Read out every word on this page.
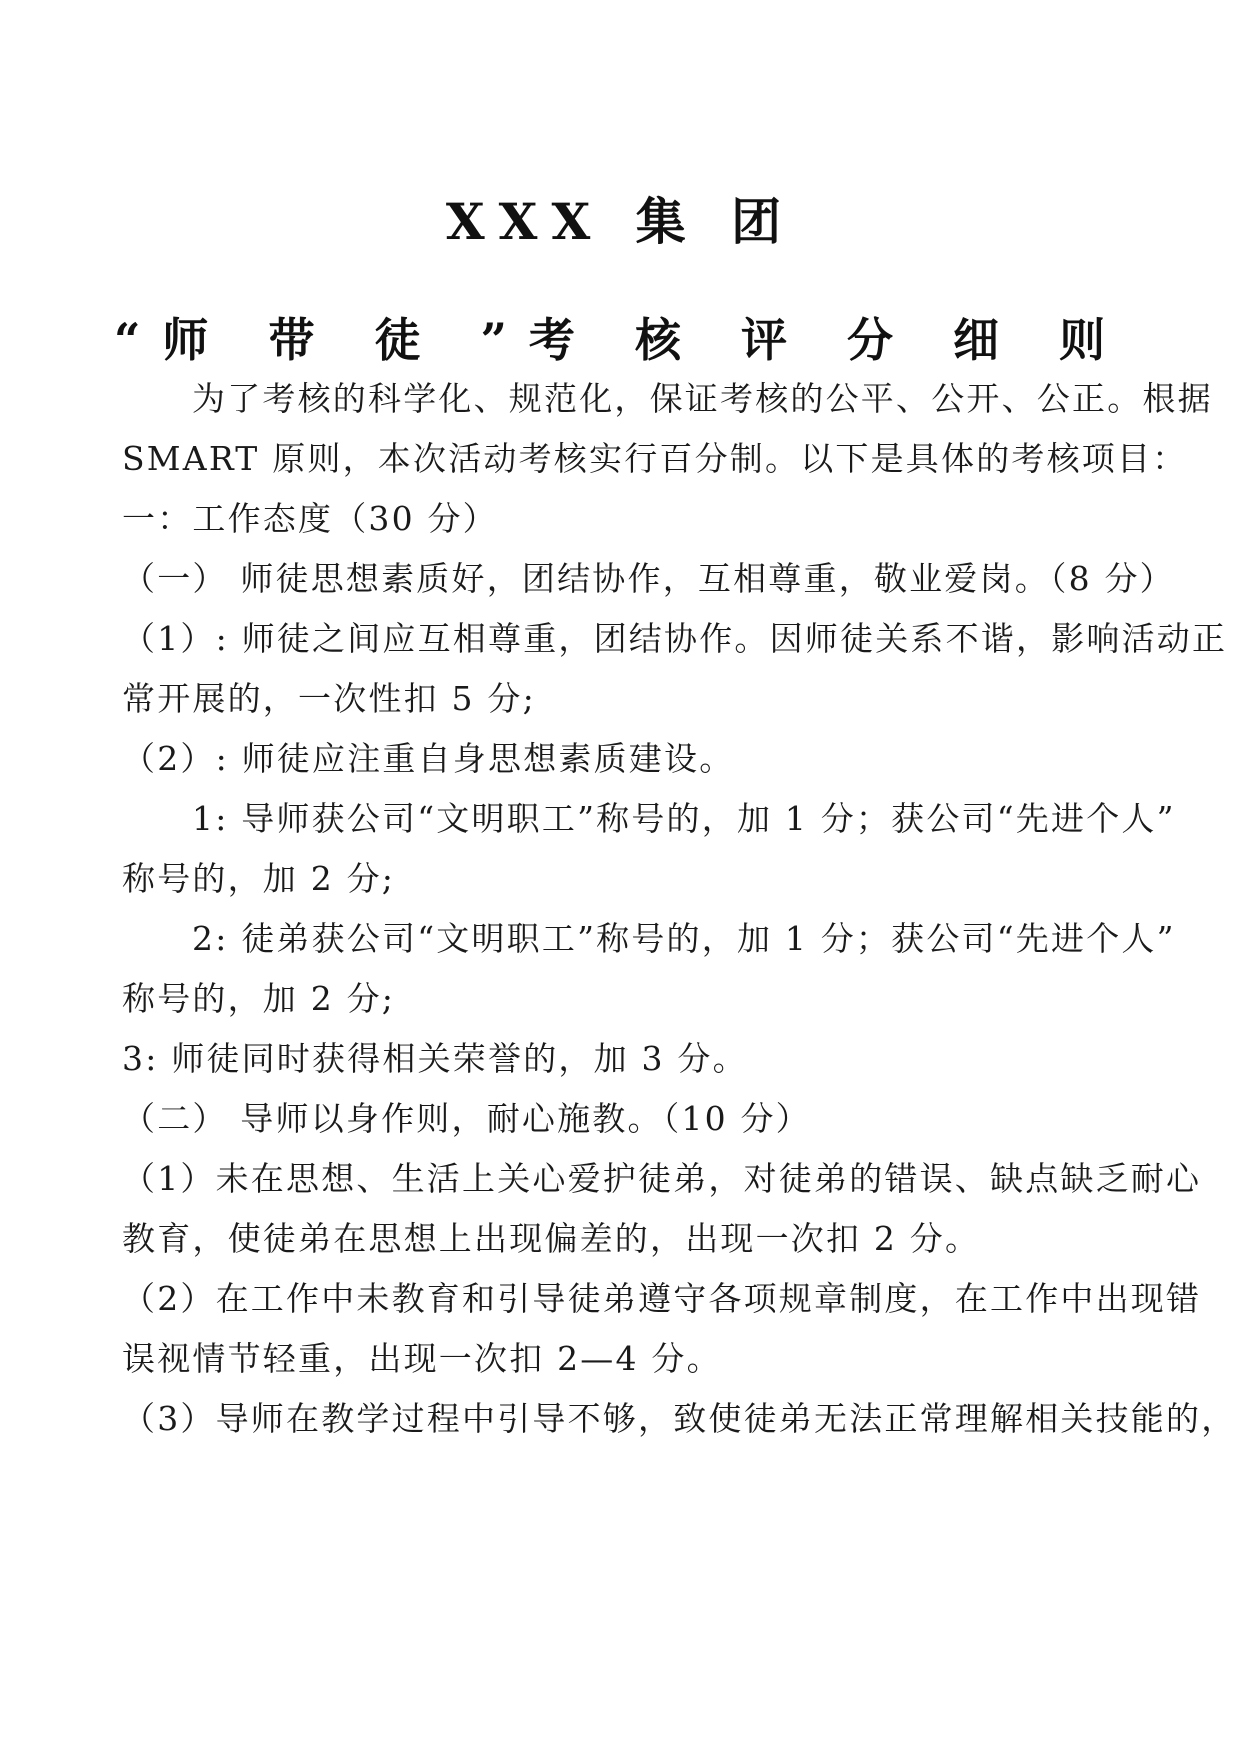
XXX 集 团
“师 带 徒 ”考 核 评 分 细 则

为了考核的科学化、规范化，保证考核的公平、公开、公正。根据

SMART 原则，本次活动考核实行百分制。以下是具体的考核项目：

一：工作态度（30 分）

（一） 师徒思想素质好，团结协作，互相尊重，敬业爱岗。（8 分）

（1）: 师徒之间应互相尊重，团结协作。因师徒关系不谐，影响活动正

常开展的，一次性扣 5 分;

（2）: 师徒应注重自身思想素质建设。

1: 导师获公司“文明职工”称号的，加 1 分；获公司“先进个人”

称号的，加 2 分;

2: 徒弟获公司“文明职工”称号的，加 1 分；获公司“先进个人”

称号的，加 2 分;

3: 师徒同时获得相关荣誉的，加 3 分。

（二） 导师以身作则，耐心施教。（10 分）

（1）未在思想、生活上关心爱护徒弟，对徒弟的错误、缺点缺乏耐心

教育，使徒弟在思想上出现偏差的，出现一次扣 2 分。

（2）在工作中未教育和引导徒弟遵守各项规章制度，在工作中出现错

误视情节轻重，出现一次扣 2—4 分。

（3）导师在教学过程中引导不够，致使徒弟无法正常理解相关技能的，
